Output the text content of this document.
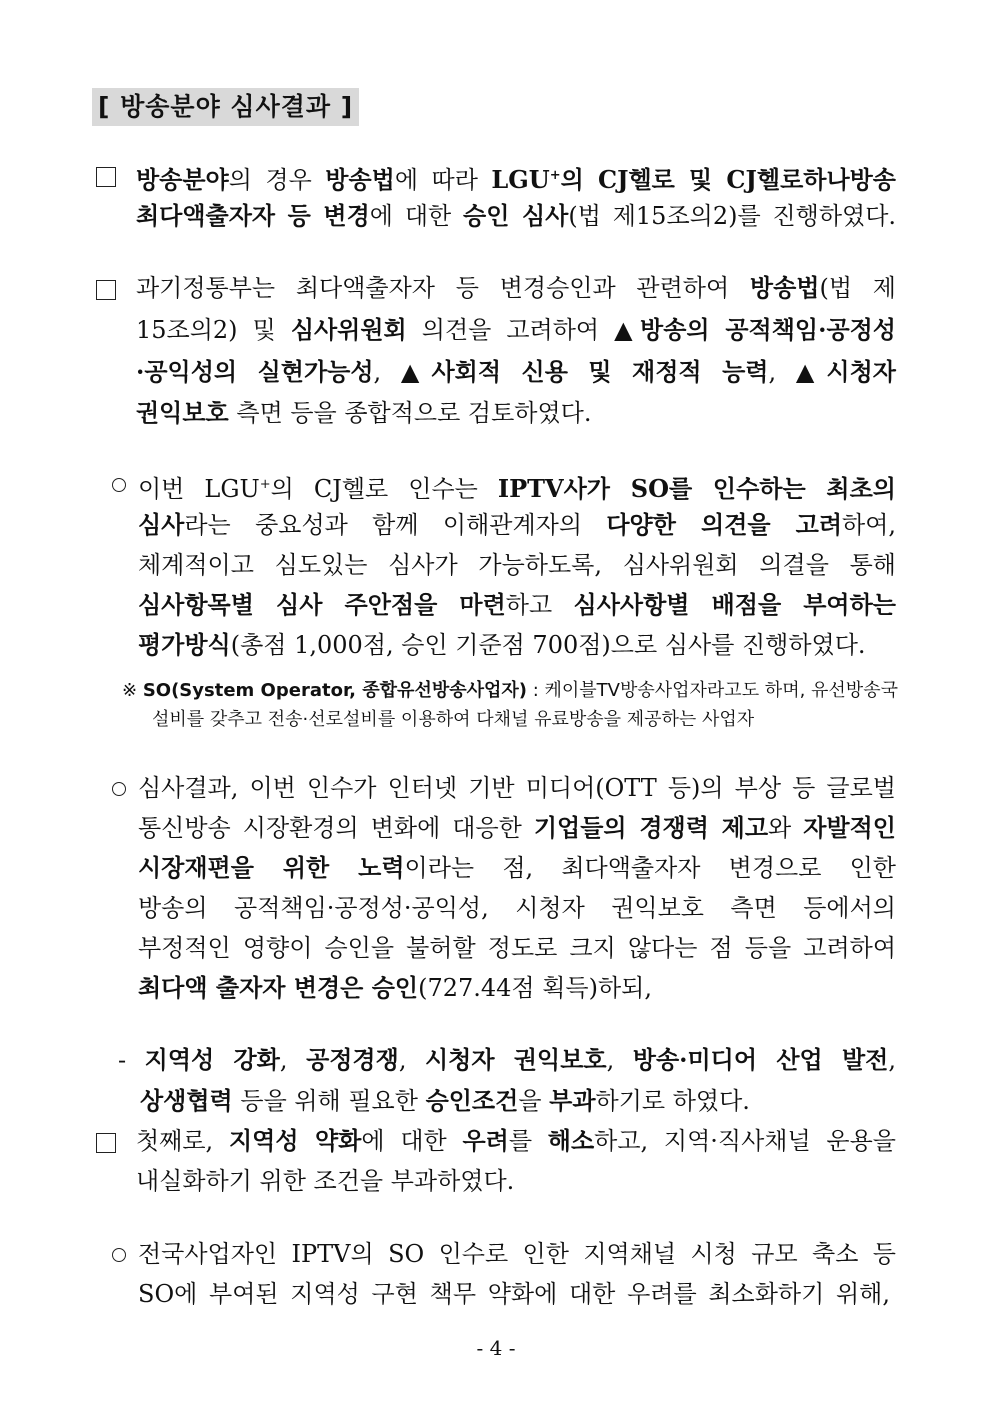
[ 방송분야 심사결과 ]
방송분야의 경우 방송법에 따라 LGU+의 CJ헬로 및 CJ헬로하나방송
최다액출자자 등 변경에 대한 승인 심사(법 제15조의2)를 진행하였다.
과기정통부는 최다액출자자 등 변경승인과 관련하여 방송법(법 제
15조의2) 및 심사위원회 의견을 고려하여 ▲방송의 공적책임·공정성
·공익성의 실현가능성, ▲사회적 신용 및 재정적 능력, ▲시청자
권익보호 측면 등을 종합적으로 검토하였다.
이번 LGU+의 CJ헬로 인수는 IPTV사가 SO를 인수하는 최초의
심사라는 중요성과 함께 이해관계자의 다양한 의견을 고려하여,
체계적이고 심도있는 심사가 가능하도록, 심사위원회 의결을 통해
심사항목별 심사 주안점을 마련하고 심사사항별 배점을 부여하는
평가방식(총점 1,000점, 승인 기준점 700점)으로 심사를 진행하였다.
※ SO(System Operator, 종합유선방송사업자) : 케이블TV방송사업자라고도 하며, 유선방송국
설비를 갖추고 전송·선로설비를 이용하여 다채널 유료방송을 제공하는 사업자
심사결과, 이번 인수가 인터넷 기반 미디어(OTT 등)의 부상 등 글로벌
통신방송 시장환경의 변화에 대응한 기업들의 경쟁력 제고와 자발적인
시장재편을 위한 노력이라는 점, 최다액출자자 변경으로 인한
방송의 공적책임·공정성·공익성, 시청자 권익보호 측면 등에서의
부정적인 영향이 승인을 불허할 정도로 크지 않다는 점 등을 고려하여
최다액 출자자 변경은 승인(727.44점 획득)하되,
- 지역성 강화, 공정경쟁, 시청자 권익보호, 방송·미디어 산업 발전,
상생협력 등을 위해 필요한 승인조건을 부과하기로 하였다.
첫째로, 지역성 약화에 대한 우려를 해소하고, 지역·직사채널 운용을
내실화하기 위한 조건을 부과하였다.
전국사업자인 IPTV의 SO 인수로 인한 지역채널 시청 규모 축소 등
SO에 부여된 지역성 구현 책무 약화에 대한 우려를 최소화하기 위해,
- 4 -
